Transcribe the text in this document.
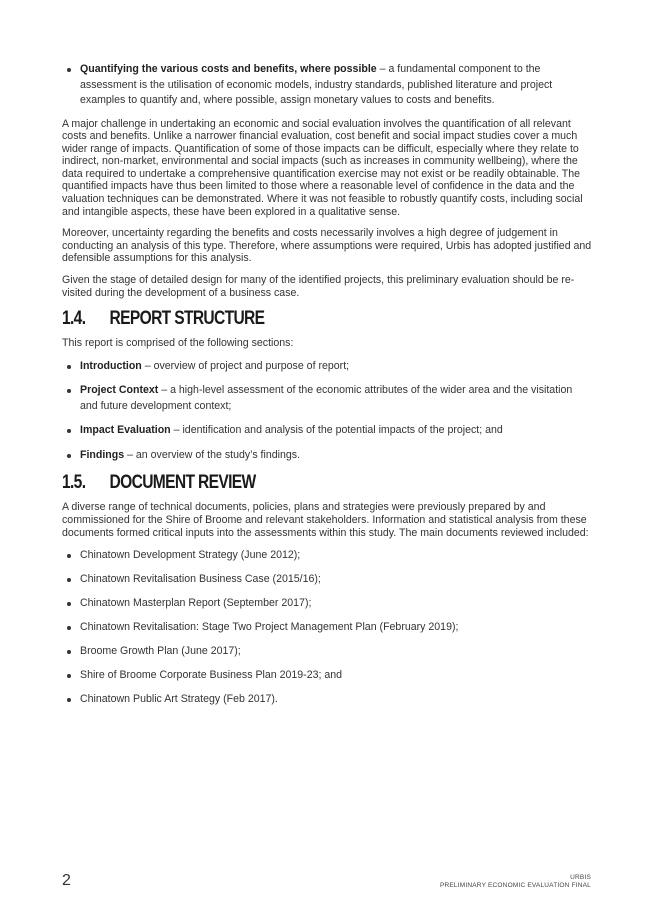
Quantifying the various costs and benefits, where possible – a fundamental component to the assessment is the utilisation of economic models, industry standards, published literature and project examples to quantify and, where possible, assign monetary values to costs and benefits.

A major challenge in undertaking an economic and social evaluation involves the quantification of all relevant costs and benefits. Unlike a narrower financial evaluation, cost benefit and social impact studies cover a much wider range of impacts. Quantification of some of those impacts can be difficult, especially where they relate to indirect, non-market, environmental and social impacts (such as increases in community wellbeing), where the data required to undertake a comprehensive quantification exercise may not exist or be readily obtainable. The quantified impacts have thus been limited to those where a reasonable level of confidence in the data and the valuation techniques can be demonstrated. Where it was not feasible to robustly quantify costs, including social and intangible aspects, these have been explored in a qualitative sense.

Moreover, uncertainty regarding the benefits and costs necessarily involves a high degree of judgement in conducting an analysis of this type. Therefore, where assumptions were required, Urbis has adopted justified and defensible assumptions for this analysis.

Given the stage of detailed design for many of the identified projects, this preliminary evaluation should be re-visited during the development of a business case.

1.4.	REPORT STRUCTURE

This report is comprised of the following sections:

Introduction – overview of project and purpose of report;
Project Context – a high-level assessment of the economic attributes of the wider area and the visitation and future development context;
Impact Evaluation – identification and analysis of the potential impacts of the project; and
Findings – an overview of the study’s findings.
1.5.	DOCUMENT REVIEW

A diverse range of technical documents, policies, plans and strategies were previously prepared by and commissioned for the Shire of Broome and relevant stakeholders. Information and statistical analysis from these documents formed critical inputs into the assessments within this study. The main documents reviewed included:

Chinatown Development Strategy (June 2012);
Chinatown Revitalisation Business Case (2015/16);
Chinatown Masterplan Report (September 2017);
Chinatown Revitalisation: Stage Two Project Management Plan (February 2019);
Broome Growth Plan (June 2017);
Shire of Broome Corporate Business Plan 2019-23; and
Chinatown Public Art Strategy (Feb 2017).
2	URBIS
PRELIMINARY ECONOMIC EVALUATION FINAL
